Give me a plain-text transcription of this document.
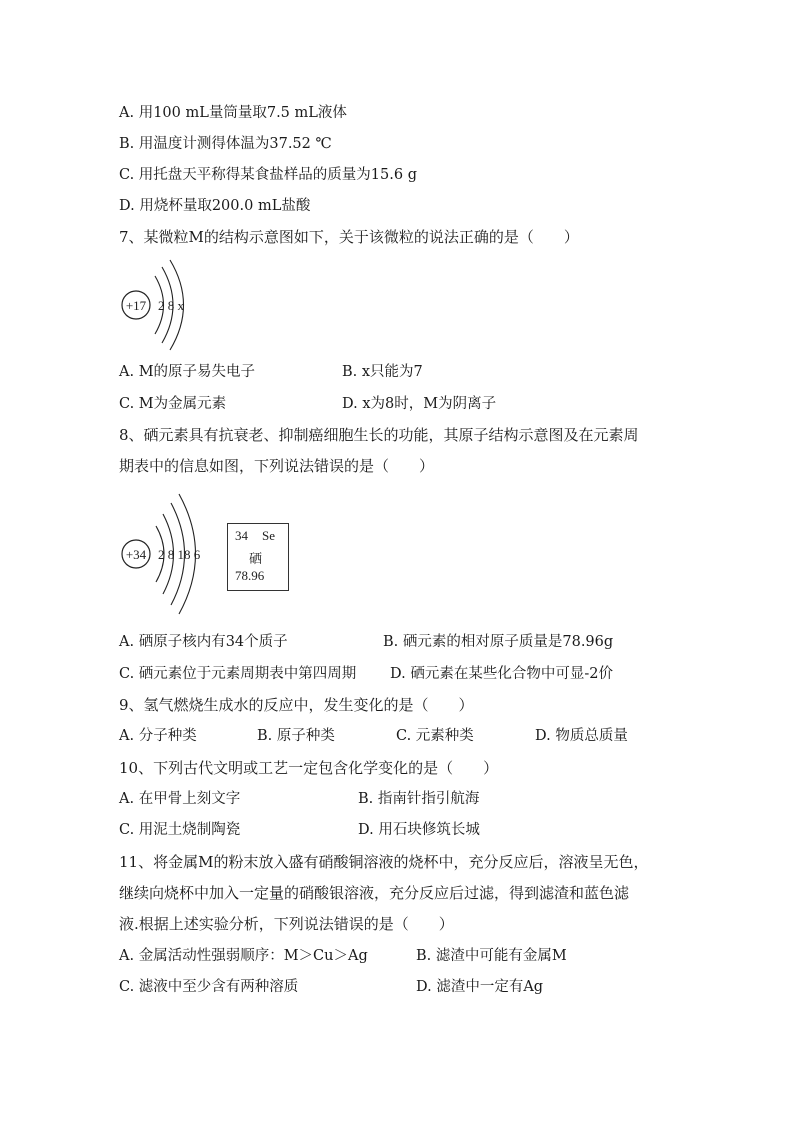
A. 用100 mL量筒量取7.5 mL液体
B. 用温度计测得体温为37.52 ℃
C. 用托盘天平称得某食盐样品的质量为15.6 g
D. 用烧杯量取200.0 mL盐酸
7、某微粒M的结构示意图如下，关于该微粒的说法正确的是（　　）
+17 2 8 x
A. M的原子易失电子	B. x只能为7
C. M为金属元素	D. x为8时，M为阴离子
8、硒元素具有抗衰老、抑制癌细胞生长的功能，其原子结构示意图及在元素周
期表中的信息如图，下列说法错误的是（　　）
+34 2 8 18 6
34 Se
硒
78.96
A. 硒原子核内有34个质子	B. 硒元素的相对原子质量是78.96g
C. 硒元素位于元素周期表中第四周期 D. 硒元素在某些化合物中可显-2价
9、氢气燃烧生成水的反应中，发生变化的是（　　）
A. 分子种类	B. 原子种类	C. 元素种类	D. 物质总质量
10、下列古代文明或工艺一定包含化学变化的是（　　）
A. 在甲骨上刻文字	B. 指南针指引航海
C. 用泥土烧制陶瓷	D. 用石块修筑长城
11、将金属M的粉末放入盛有硝酸铜溶液的烧杯中，充分反应后，溶液呈无色，
继续向烧杯中加入一定量的硝酸银溶液，充分反应后过滤，得到滤渣和蓝色滤
液.根据上述实验分析，下列说法错误的是（　　）
A. 金属活动性强弱顺序：M＞Cu＞Ag	B. 滤渣中可能有金属M
C. 滤液中至少含有两种溶质	D. 滤渣中一定有Ag
